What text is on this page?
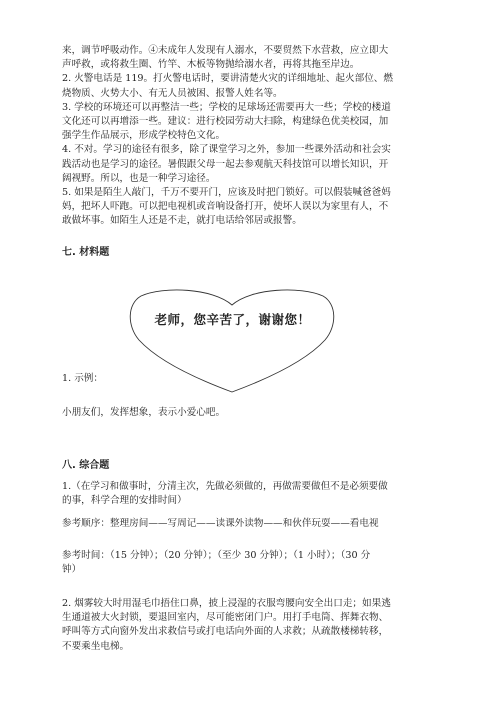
来，调节呼吸动作。④未成年人发现有人溺水，不要贸然下水营救，应立即大

声呼救，或将救生圈、竹竿、木板等物抛给溺水者，再将其拖至岸边。

2. 火警电话是 119。打火警电话时，要讲清楚火灾的详细地址、起火部位、燃

烧物质、火势大小、有无人员被困、报警人姓名等。

3. 学校的环境还可以再整洁一些；学校的足球场还需要再大一些；学校的楼道

文化还可以再增添一些。建议：进行校园劳动大扫除，构建绿色优美校园，加

强学生作品展示，形成学校特色文化。

4. 不对。学习的途径有很多，除了课堂学习之外，参加一些课外活动和社会实

践活动也是学习的途径。暑假跟父母一起去参观航天科技馆可以增长知识，开

阔视野。所以，也是一种学习途径。

5. 如果是陌生人敲门，千万不要开门，应该及时把门锁好。可以假装喊爸爸妈

妈，把坏人吓跑。可以把电视机或音响设备打开，使坏人误以为家里有人，不

敢做坏事。如陌生人还是不走，就打电话给邻居或报警。

七. 材料题

老师，您辛苦了，谢谢您！

1. 示例：

小朋友们，发挥想象，表示小爱心吧。

八. 综合题

1.（在学习和做事时，分清主次，先做必须做的，再做需要做但不是必须要做

的事，科学合理的安排时间）

参考顺序：整理房间——写周记——读课外读物——和伙伴玩耍——看电视

参考时间：（15 分钟）；（20 分钟）；（至少 30 分钟）；（1 小时）；（30 分

钟）

2. 烟雾较大时用湿毛巾捂住口鼻，披上浸湿的衣服弯腰向安全出口走；如果逃

生通道被大火封锁，要退回室内，尽可能密闭门户。用打手电筒、挥舞衣物、

呼叫等方式向窗外发出求救信号或打电话向外面的人求救；从疏散楼梯转移，

不要乘坐电梯。
